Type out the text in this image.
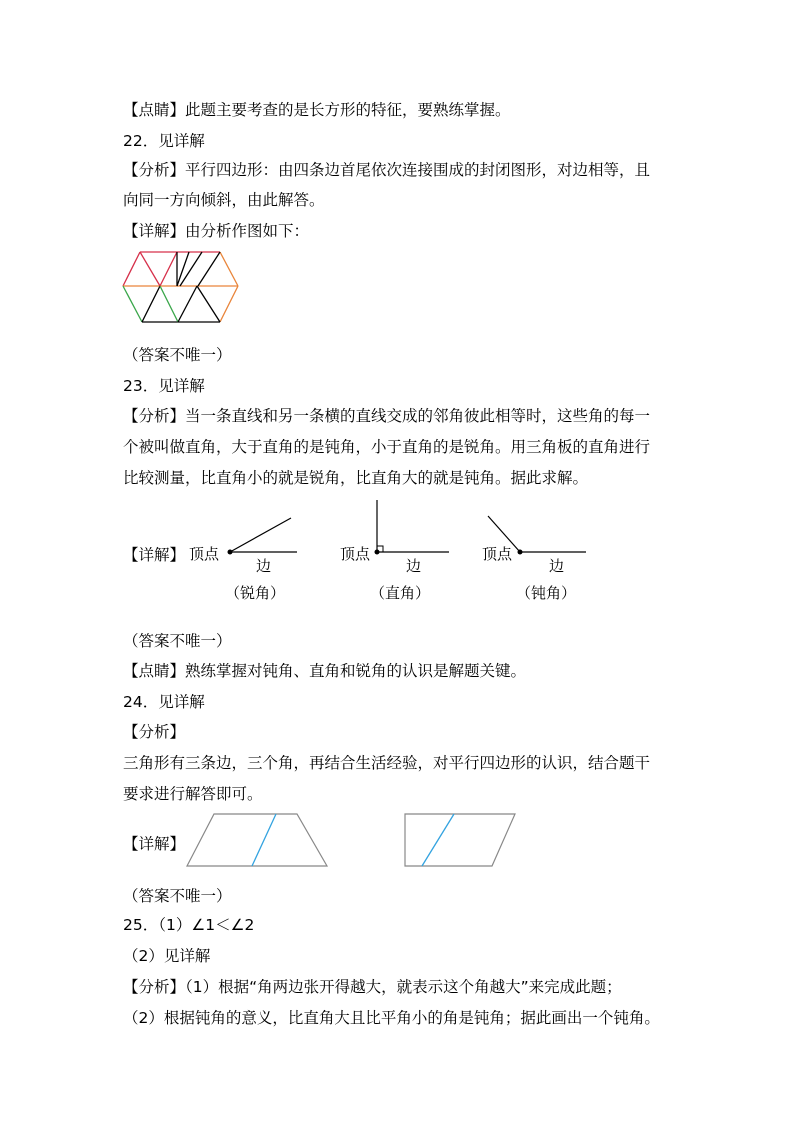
【点睛】此题主要考查的是长方形的特征，要熟练掌握。
22．见详解
【分析】平行四边形：由四条边首尾依次连接围成的封闭图形，对边相等，且
向同一方向倾斜，由此解答。
【详解】由分析作图如下：
（答案不唯一）
23．见详解
【分析】当一条直线和另一条横的直线交成的邻角彼此相等时，这些角的每一
个被叫做直角，大于直角的是钝角，小于直角的是锐角。用三角板的直角进行
比较测量，比直角小的就是锐角，比直角大的就是钝角。据此求解。
【详解】 顶点
边
（锐角）
顶点
边
（直角）
顶点
边
（钝角）
（答案不唯一）
【点睛】熟练掌握对钝角、直角和锐角的认识是解题关键。
24．见详解
【分析】
三角形有三条边，三个角，再结合生活经验，对平行四边形的认识，结合题干
要求进行解答即可。
【详解】
（答案不唯一）
25．（1）∠1＜∠2
（2）见详解
【分析】（1）根据“角两边张开得越大，就表示这个角越大”来完成此题；
（2）根据钝角的意义，比直角大且比平角小的角是钝角；据此画出一个钝角。
